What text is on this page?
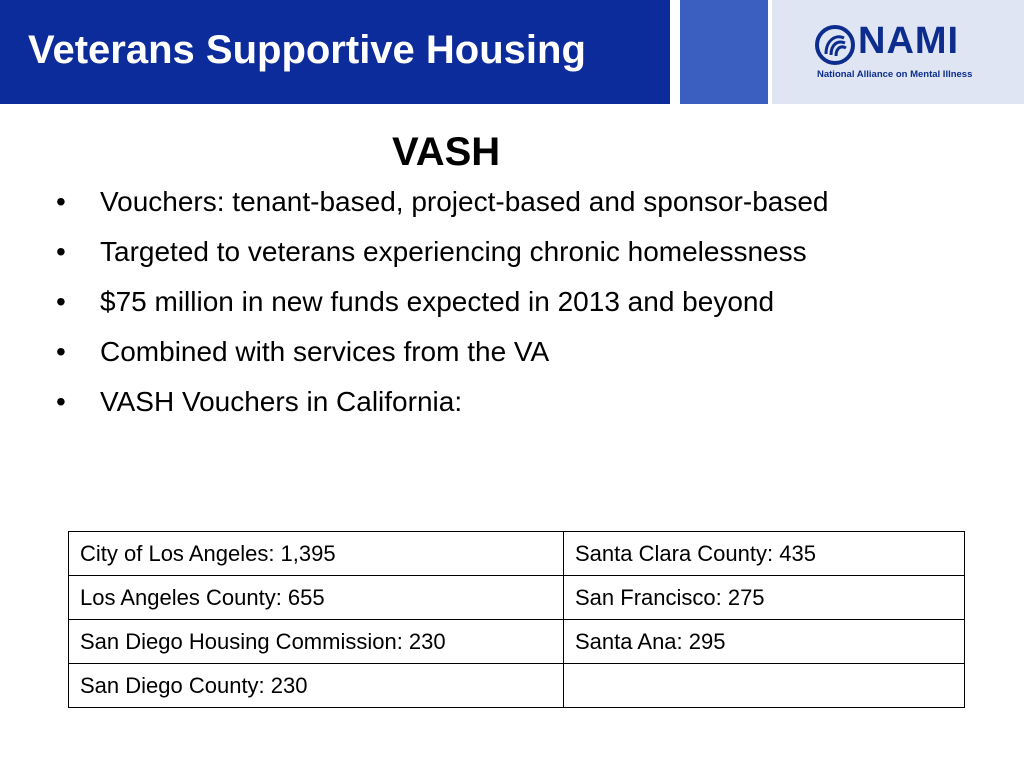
Veterans Supportive Housing	NAMI
National Alliance on Mental Illness
VASH
• Vouchers: tenant-based, project-based and sponsor-based
• Targeted to veterans experiencing chronic homelessness
• $75 million in new funds expected in 2013 and beyond
• Combined with services from the VA
• VASH Vouchers in California:
City of Los Angeles: 1,395	Santa Clara County: 435
Los Angeles County: 655	San Francisco: 275
San Diego Housing Commission: 230	Santa Ana: 295
San Diego County: 230	
